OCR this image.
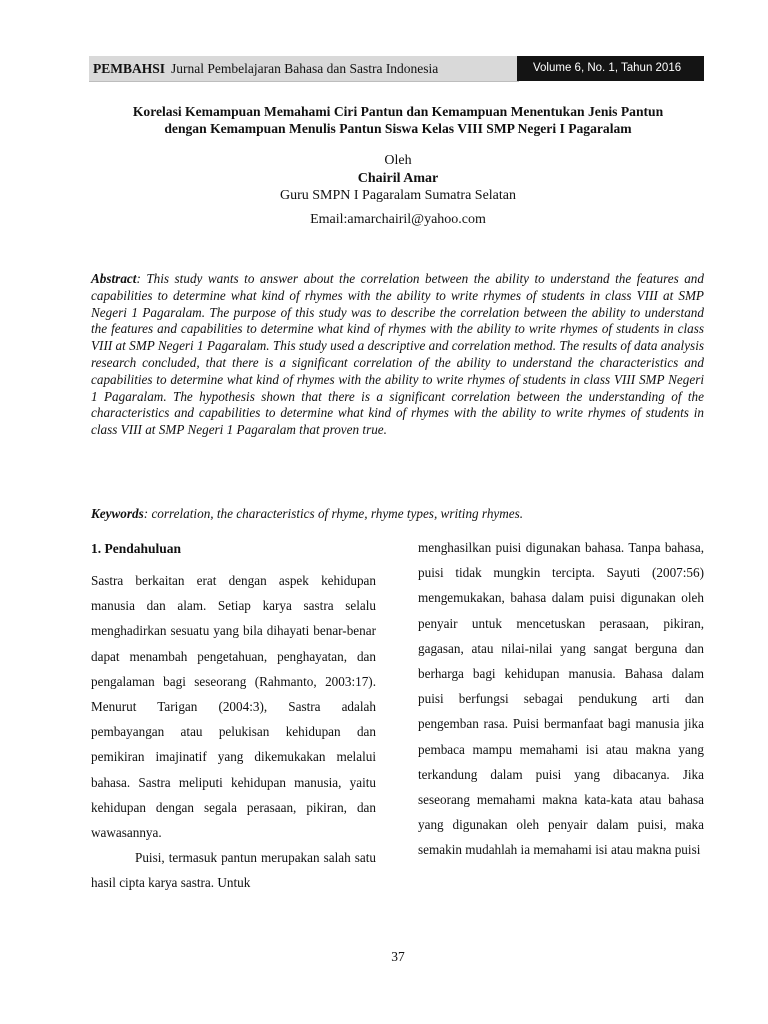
PEMBAHSI Jurnal Pembelajaran Bahasa dan Sastra Indonesia	Volume 6, No. 1, Tahun 2016
Korelasi Kemampuan Memahami Ciri Pantun dan Kemampuan Menentukan Jenis Pantun
dengan Kemampuan Menulis Pantun Siswa Kelas VIII SMP Negeri I Pagaralam
Oleh
Chairil Amar
Guru SMPN I Pagaralam Sumatra Selatan
Email:amarchairil@yahoo.com

Abstract: This study wants to answer about the correlation between the ability to understand the features and capabilities to determine what kind of rhymes with the ability to write rhymes of students in class VIII at SMP Negeri 1 Pagaralam. The purpose of this study was to describe the correlation between the ability to understand the features and capabilities to determine what kind of rhymes with the ability to write rhymes of students in class VIII at SMP Negeri 1 Pagaralam. This study used a descriptive and correlation method. The results of data analysis research concluded, that there is a significant correlation of the ability to understand the characteristics and capabilities to determine what kind of rhymes with the ability to write rhymes of students in class VIII SMP Negeri 1 Pagaralam. The hypothesis shown that there is a significant correlation between the understanding of the characteristics and capabilities to determine what kind of rhymes with the ability to write rhymes of students in class VIII at SMP Negeri 1 Pagaralam that proven true.

Keywords: correlation, the characteristics of rhyme, rhyme types, writing rhymes.

1. Pendahuluan

Sastra berkaitan erat dengan aspek kehidupan manusia dan alam. Setiap karya sastra selalu menghadirkan sesuatu yang bila dihayati benar-benar dapat menambah pengetahuan, penghayatan, dan pengalaman bagi seseorang (Rahmanto, 2003:17). Menurut Tarigan (2004:3), Sastra adalah pembayangan atau pelukisan kehidupan dan pemikiran imajinatif yang dikemukakan melalui bahasa. Sastra meliputi kehidupan manusia, yaitu kehidupan dengan segala perasaan, pikiran, dan wawasannya.

Puisi, termasuk pantun merupakan salah satu hasil cipta karya sastra. Untuk

menghasilkan puisi digunakan bahasa. Tanpa bahasa, puisi tidak mungkin tercipta. Sayuti (2007:56) mengemukakan, bahasa dalam puisi digunakan oleh penyair untuk mencetuskan perasaan, pikiran, gagasan, atau nilai-nilai yang sangat berguna dan berharga bagi kehidupan manusia. Bahasa dalam puisi berfungsi sebagai pendukung arti dan pengemban rasa. Puisi bermanfaat bagi manusia jika pembaca mampu memahami isi atau makna yang terkandung dalam puisi yang dibacanya. Jika seseorang memahami makna kata-kata atau bahasa yang digunakan oleh penyair dalam puisi, maka semakin mudahlah ia memahami isi atau makna puisi

37
